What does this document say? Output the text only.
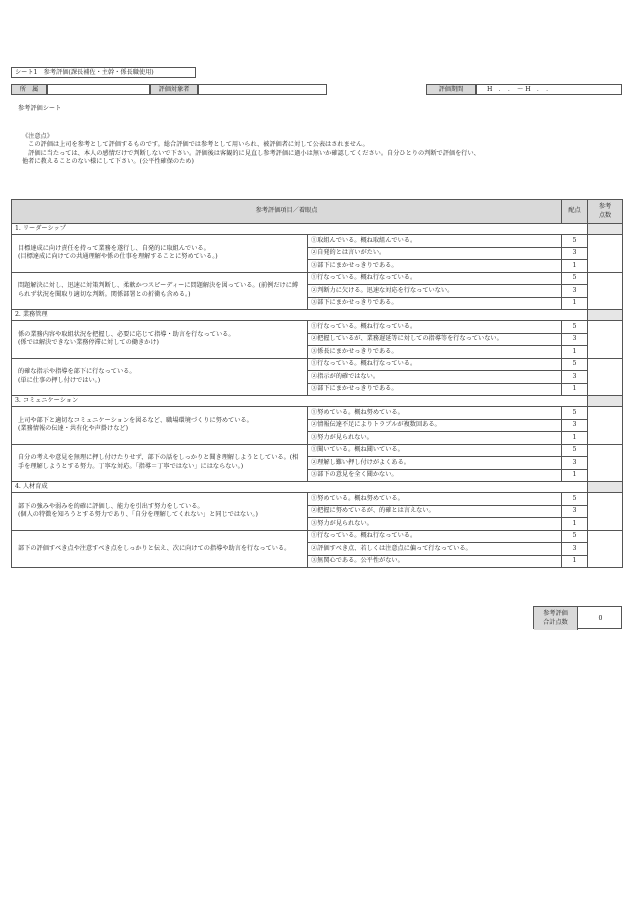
シート1　参考評価(課長補佐・主幹・係長職使用)
所　属	評価対象者	評価期間	H　．　．　～ H　．　．
参考評価シート

《注意点》

　この評価は上司を参考として評価するものです。総合評価では参考として用いられ、被評価者に対して公表はされません。

　評価に当たっては、本人の感情だけで判断しないで下さい。評価後は客観的に見直し参考評価に過小は無いか確認してください。自分ひとりの判断で評価を行い、

他者に教えることのない様にして下さい。(公平性確保のため)

参考評価項目／着眼点		配点	参考
点数
1. リーダーシップ			
目標達成に向け責任を持って業務を遂行し、自発的に取組んでいる。
(目標達成に向けての共通理解や係の仕事を理解することに努めている。)	①取組んでいる。概ね取組んでいる。	5	
	②自発的とは言いがたい。	3	
	③部下にまかせっきりである。	1	
問題解決に対し、迅速に対策判断し、柔軟かつスピーディーに問題解決を図っている。(前例だけに縛られず状況を聞取り適切な判断。関係部署との折衝も含める。)	①行なっている。概ね行なっている。	5	
	②判断力に欠ける。迅速な対応を行なっていない。	3	
	③部下にまかせっきりである。	1	
2. 業務管理			
係の業務内容や取組状況を把握し、必要に応じて指導・助言を行なっている。
(係では解決できない業務停滞に対しての働きかけ)	①行なっている。概ね行なっている。	5	
	②把握しているが、業務遅延等に対しての指導等を行なっていない。	3	
	③係長にまかせっきりである。	1	
的確な指示や指導を部下に行なっている。
(単に仕事の押し付けではい。)	①行なっている。概ね行なっている。	5	
	②指示が的確ではない。	3	
	③部下にまかせっきりである。	1	
3. コミュニケーション			
上司や部下と適切なコミュニケーションを図るなど、職場環境づくりに努めている。
(業務情報の伝達・共有化や声掛けなど)	①努めている。概ね努めている。	5	
	②情報伝達不足によりトラブルが複数回ある。	3	
	③努力が見られない。	1	
自分の考えや意見を無理に押し付けたりせず、部下の話をしっかりと聞き理解しようとしている。(相手を理解しようとする努力。丁寧な対応。「指導＝丁寧ではない」にはならない。)	①聞いている。概ね聞いている。	5	
	②理解し難い押し付けがよくある。	3	
	③部下の意見を全く聞かない。	1	
4. 人材育成			
部下の強みや弱みを的確に評価し、能力を引出す努力をしている。
(個人の特徴を知ろうとする努力であり、「自分を理解してくれない」と同じではない。)	①努めている。概ね努めている。	5	
	②把握に努めているが、的確とは言えない。	3	
	③努力が見られない。	1	
部下の評価すべき点や注意すべき点をしっかりと伝え、次に向けての指導や助言を行なっている。	①行なっている。概ね行なっている。	5	
	②評価すべき点、若しくは注意点に偏って行なっている。	3	
	③無関心である。公平性がない。	1	
参考評価
合計点数
0
